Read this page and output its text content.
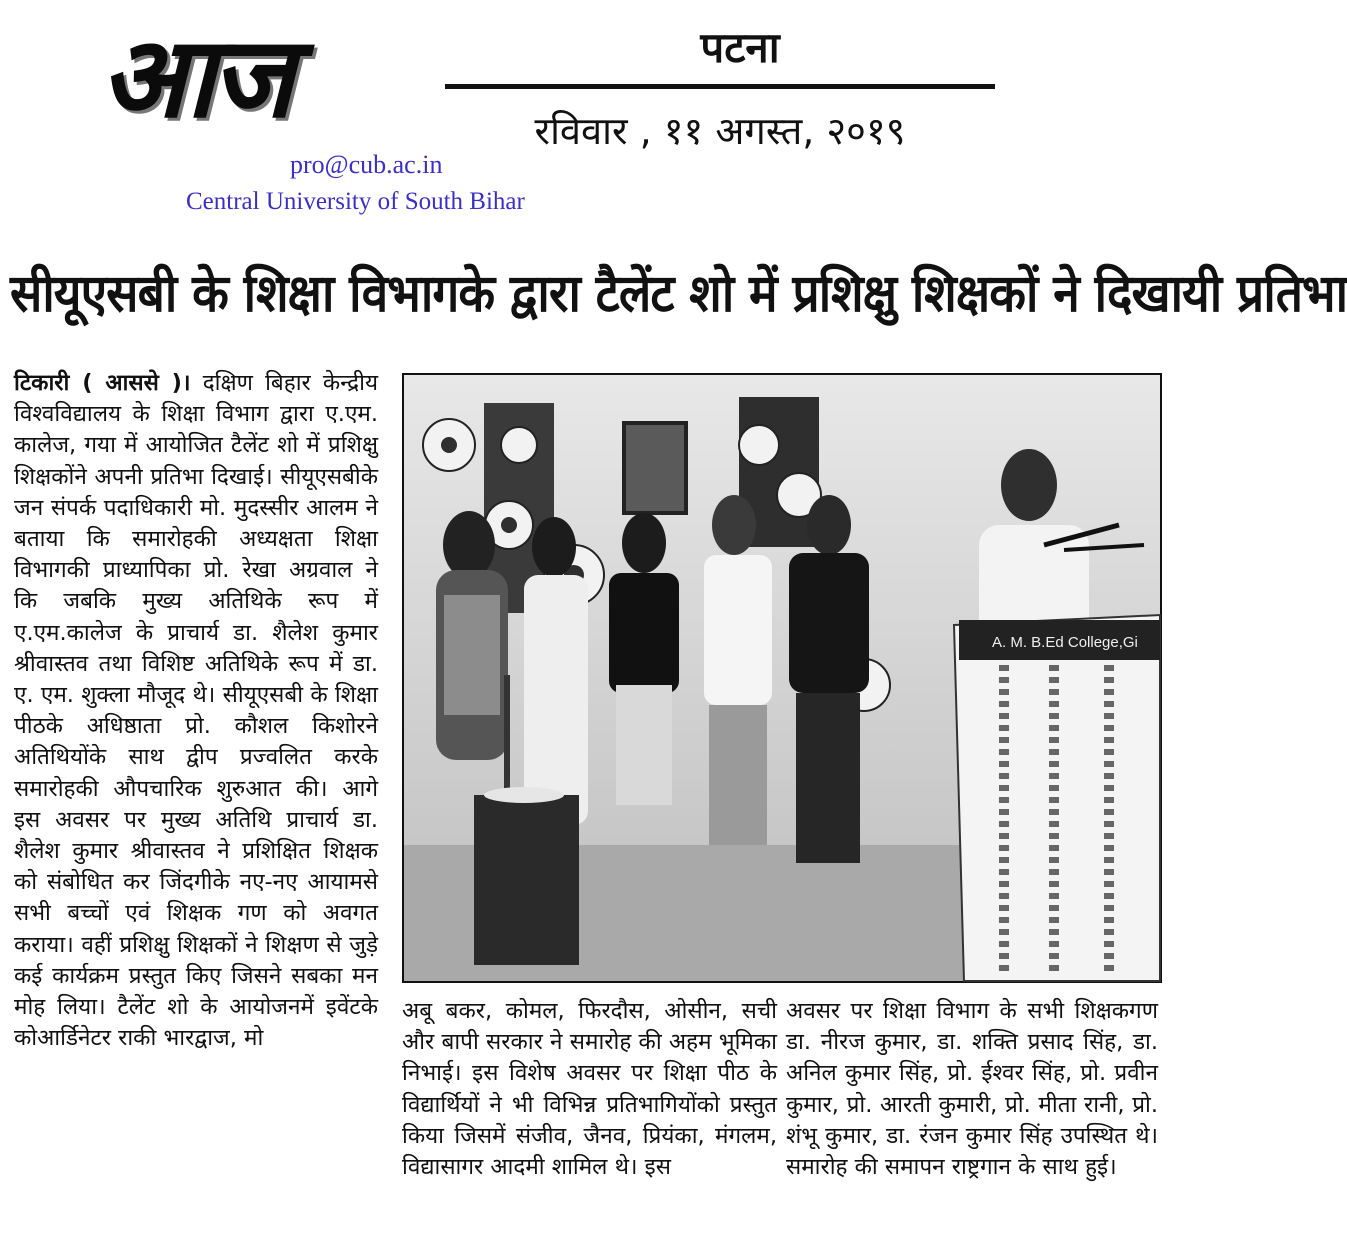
आज	पटना
रविवार , ११ अगस्त, २०१९
pro@cub.ac.in
Central University of South Bihar
सीयूएसबी के शिक्षा विभागके द्वारा टैलेंट शो में प्रशिक्षु शिक्षकों ने दिखायी प्रतिभा
टिकारी ( आससे )। दक्षिण बिहार केन्द्रीय विश्वविद्यालय के शिक्षा विभाग द्वारा ए.एम. कालेज, गया में आयोजित टैलेंट शो में प्रशिक्षु शिक्षकोंने अपनी प्रतिभा दिखाई। सीयूएसबीके जन संपर्क पदाधिकारी मो. मुदस्सीर आलम ने बताया कि समारोहकी अध्यक्षता शिक्षा विभागकी प्राध्यापिका प्रो. रेखा अग्रवाल ने कि जबकि मुख्य अतिथिके रूप में ए.एम.कालेज के प्राचार्य डा. शैलेश कुमार श्रीवास्तव तथा विशिष्ट अतिथिके रूप में डा. ए. एम. शुक्ला मौजूद थे। सीयूएसबी के शिक्षा पीठके अधिष्ठाता प्रो. कौशल किशोरने अतिथियोंके साथ द्वीप प्रज्वलित करके समारोहकी औपचारिक शुरुआत की। आगे इस अवसर पर मुख्य अतिथि प्राचार्य डा. शैलेश कुमार श्रीवास्तव ने प्रशिक्षित शिक्षक को संबोधित कर जिंदगीके नए-नए आयामसे सभी बच्चों एवं शिक्षक गण को अवगत कराया। वहीं प्रशिक्षु शिक्षकों ने शिक्षण से जुड़े कई कार्यक्रम प्रस्तुत किए जिसने सबका मन मोह लिया। टैलेंट शो के आयोजनमें इवेंटके कोआर्डिनेटर राकी भारद्वाज, मो
A. M. B.Ed College,Gi
अबू बकर, कोमल, फिरदौस, ओसीन, सची और बापी सरकार ने समारोह की अहम भूमिका निभाई। इस विशेष अवसर पर शिक्षा पीठ के विद्यार्थियों ने भी विभिन्न प्रतिभागियोंको प्रस्तुत किया जिसमें संजीव, जैनव, प्रियंका, मंगलम, विद्यासागर आदमी शामिल थे। इस
अवसर पर शिक्षा विभाग के सभी शिक्षकगण डा. नीरज कुमार, डा. शक्ति प्रसाद सिंह, डा. अनिल कुमार सिंह, प्रो. ईश्वर सिंह, प्रो. प्रवीन कुमार, प्रो. आरती कुमारी, प्रो. मीता रानी, प्रो. शंभू कुमार, डा. रंजन कुमार सिंह उपस्थित थे। समारोह की समापन राष्ट्रगान के साथ हुई।
